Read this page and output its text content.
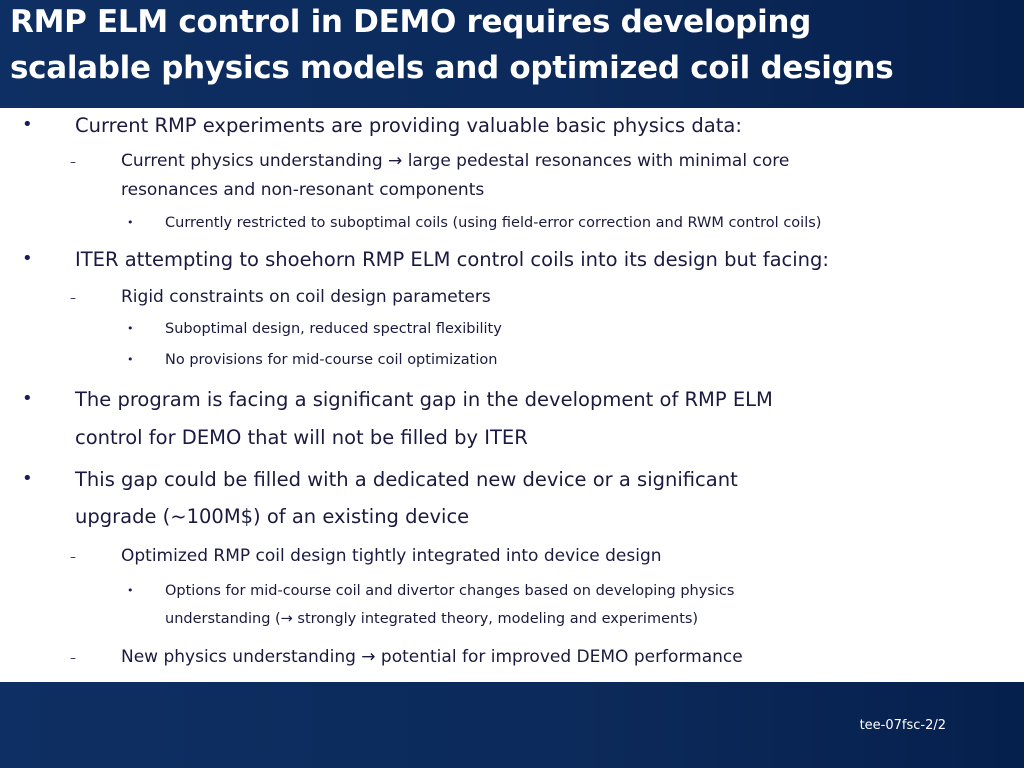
RMP ELM control in DEMO requires developing
scalable physics models and optimized coil designs
• Current RMP experiments are providing valuable basic physics data:
–	Current physics understanding → large pedestal resonances with minimal core
resonances and non-resonant components
• Currently restricted to suboptimal coils (using field-error correction and RWM control coils)
• ITER attempting to shoehorn RMP ELM control coils into its design but facing:
–	Rigid constraints on coil design parameters
• Suboptimal design, reduced spectral flexibility
• No provisions for mid-course coil optimization
• The program is facing a significant gap in the development of RMP ELM
control for DEMO that will not be filled by ITER
• This gap could be filled with a dedicated new device or a significant
upgrade (~100M$) of an existing device
–	Optimized RMP coil design tightly integrated into device design
• Options for mid-course coil and divertor changes based on developing physics
understanding (→ strongly integrated theory, modeling and experiments)
–	New physics understanding → potential for improved DEMO performance
tee-07fsc-2/2
